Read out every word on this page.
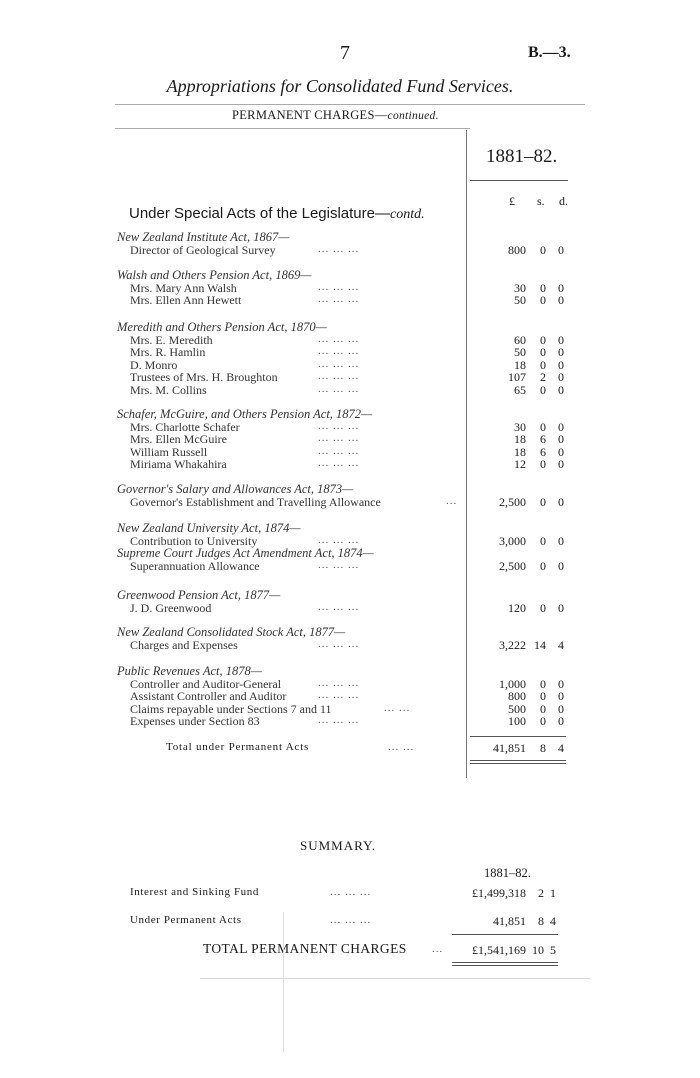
7	B.—3.
Appropriations for Consolidated Fund Services.
PERMANENT CHARGES—continued.
1881–82.
£ s. d.
Under Special Acts of the Legislature—contd.
New Zealand Institute Act, 1867—
Director of Geological Survey	... ... ...	800	0	0
Walsh and Others Pension Act, 1869—
Mrs. Mary Ann Walsh	... ... ...	30	0	0
Mrs. Ellen Ann Hewett	... ... ...	50	0	0
Meredith and Others Pension Act, 1870—
Mrs. E. Meredith	... ... ...	60	0	0
Mrs. R. Hamlin	... ... ...	50	0	0
D. Monro	... ... ...	18	0	0
Trustees of Mrs. H. Broughton	... ... ...	107	2	0
Mrs. M. Collins	... ... ...	65	0	0
Schafer, McGuire, and Others Pension Act, 1872—
Mrs. Charlotte Schafer	... ... ...	30	0	0
Mrs. Ellen McGuire	... ... ...	18	6	0
William Russell	... ... ...	18	6	0
Miriama Whakahira	... ... ...	12	0	0
Governor's Salary and Allowances Act, 1873—
Governor's Establishment and Travelling Allowance	...	2,500	0	0
New Zealand University Act, 1874—
Contribution to University	... ... ...	3,000	0	0
Supreme Court Judges Act Amendment Act, 1874—
Superannuation Allowance	... ... ...	2,500	0	0
Greenwood Pension Act, 1877—
J. D. Greenwood	... ... ...	120	0	0
New Zealand Consolidated Stock Act, 1877—
Charges and Expenses	... ... ...	3,222 14	4
Public Revenues Act, 1878—
Controller and Auditor-General	... ... ...	1,000	0	0
Assistant Controller and Auditor	... ... ...	800	0	0
Claims repayable under Sections 7 and 11	... ...	500	0	0
Expenses under Section 83	... ... ...	100	0	0
Total under Permanent Acts	... ...	41,851	8	4
SUMMARY.
1881–82.
Interest and Sinking Fund	... ... ...	£1,499,318	2 1
Under Permanent Acts	... ... ...	41,851	8 4
TOTAL PERMANENT CHARGES ...	£1,541,169 10 5
